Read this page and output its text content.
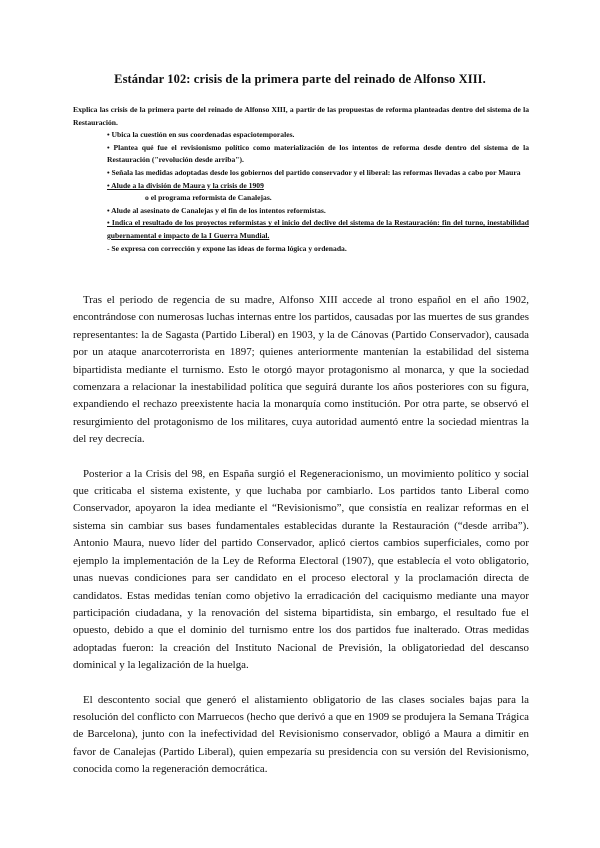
Estándar 102: crisis de la primera parte del reinado de Alfonso XIII.

Explica las crisis de la primera parte del reinado de Alfonso XIII, a partir de las propuestas de reforma planteadas dentro del sistema de la Restauración.

• Ubica la cuestión en sus coordenadas espaciotemporales.

• Plantea qué fue el revisionismo político como materialización de los intentos de reforma desde dentro del sistema de la Restauración ("revolución desde arriba").

• Señala las medidas adoptadas desde los gobiernos del partido conservador y el liberal: las reformas llevadas a cabo por Maura

• Alude a la división de Maura y la crisis de 1909

o el programa reformista de Canalejas.

• Alude al asesinato de Canalejas y el fin de los intentos reformistas.

• Indica el resultado de los proyectos reformistas y el inicio del declive del sistema de la Restauración: fin del turno, inestabilidad gubernamental e impacto de la I Guerra Mundial.

- Se expresa con corrección y expone las ideas de forma lógica y ordenada.

Tras el periodo de regencia de su madre, Alfonso XIII accede al trono español en el año 1902, encontrándose con numerosas luchas internas entre los partidos, causadas por las muertes de sus grandes representantes: la de Sagasta (Partido Liberal) en 1903, y la de Cánovas (Partido Conservador), causada por un ataque anarcoterrorista en 1897; quienes anteriormente mantenían la estabilidad del sistema bipartidista mediante el turnismo. Esto le otorgó mayor protagonismo al monarca, y que la sociedad comenzara a relacionar la inestabilidad política que seguirá durante los años posteriores con su figura, expandiendo el rechazo preexistente hacia la monarquía como institución. Por otra parte, se observó el resurgimiento del protagonismo de los militares, cuya autoridad aumentó entre la sociedad mientras la del rey decrecía.

Posterior a la Crisis del 98, en España surgió el Regeneracionismo, un movimiento político y social que criticaba el sistema existente, y que luchaba por cambiarlo. Los partidos tanto Liberal como Conservador, apoyaron la idea mediante el “Revisionismo”, que consistía en realizar reformas en el sistema sin cambiar sus bases fundamentales establecidas durante la Restauración (“desde arriba”). Antonio Maura, nuevo líder del partido Conservador, aplicó ciertos cambios superficiales, como por ejemplo la implementación de la Ley de Reforma Electoral (1907), que establecía el voto obligatorio, unas nuevas condiciones para ser candidato en el proceso electoral y la proclamación directa de candidatos. Estas medidas tenían como objetivo la erradicación del caciquismo mediante una mayor participación ciudadana, y la renovación del sistema bipartidista, sin embargo, el resultado fue el opuesto, debido a que el dominio del turnismo entre los dos partidos fue inalterado. Otras medidas adoptadas fueron: la creación del Instituto Nacional de Previsión, la obligatoriedad del descanso dominical y la legalización de la huelga.

El descontento social que generó el alistamiento obligatorio de las clases sociales bajas para la resolución del conflicto con Marruecos (hecho que derivó a que en 1909 se produjera la Semana Trágica de Barcelona), junto con la inefectividad del Revisionismo conservador, obligó a Maura a dimitir en favor de Canalejas (Partido Liberal), quien empezaría su presidencia con su versión del Revisionismo, conocida como la regeneración democrática.
